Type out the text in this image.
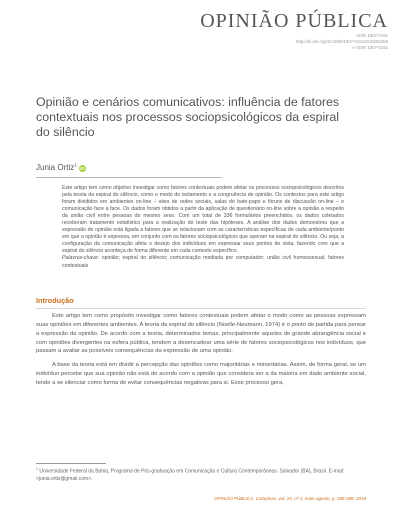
OPINIÃO PÚBLICA
ISSN 1807-0191
http://dx.doi.org/10.1590/1807-01912019252358
e-ISSN 1807-0191
Opinião e cenários comunicativos: influência de fatores contextuais nos processos sociopsicológicos da espiral do silêncio
Junia Ortiz$^1$iD

Este artigo tem como objetivo investigar como fatores contextuais podem afetar os processos sociopsicológicos descritos pela teoria da espiral do silêncio, como o medo do isolamento e a congruência de opinião. Os contextos para este artigo foram divididos em ambientes on-line – sites de redes sociais, salas de bate-papo e fóruns de discussão on-line – e comunicação face a face. Os dados foram obtidos a partir da aplicação de questionário on-line sobre a opinião a respeito da união civil entre pessoas do mesmo sexo. Com um total de 336 formulários preenchidos, os dados coletados receberam tratamento estatístico para a realização do teste das hipóteses. A análise dos dados demonstrou que a expressão de opinião está ligada a fatores que se relacionam com as características específicas de cada ambiente/ponto em que a opinião é expressa, em conjunto com os fatores sociopsicológicos que operam na espiral do silêncio. Ou seja, a configuração da comunicação afeta o desejo dos indivíduos em expressar seus pontos de vista, fazendo com que a espiral do silêncio aconteça de forma diferente em cada contexto específico.

Palavras-chave: opinião; espiral do silêncio; comunicação mediada por computador; união civil homossexual; fatores contextuais

Introdução

Este artigo tem como propósito investigar como fatores contextuais podem afetar o modo como as pessoas expressam suas opiniões em diferentes ambientes. A teoria da espiral do silêncio (Noelle-Neumann, 1974) é o ponto de partida para pensar a expressão da opinião. De acordo com a teoria, determinados temas, principalmente aqueles de grande abrangência social e com opiniões divergentes na esfera pública, tendem a desencadear uma série de fatores sociopsicológicos nos indivíduos, que passam a avaliar as possíveis consequências da expressão de uma opinião.

A base da teoria está em dividir a percepção das opiniões como majoritárias e minoritárias. Assim, de forma geral, se um indivíduo percebe que sua opinião não está de acordo com a opinião que considera ser a da maioria em dado ambiente social, tende a se silenciar como forma de evitar consequências negativas para si. Esse processo gera,

$^1$ Universidade Federal da Bahia, Programa de Pós-graduação em Comunicação e Cultura Contemporâneas. Salvador (BA), Brasil. E-mail: <junia.ortiz@gmail.com>.
OPINIÃO PÚBLICA, Campinas, vol. 25, nº 2, maio-agosto, p. 358-388, 2019
